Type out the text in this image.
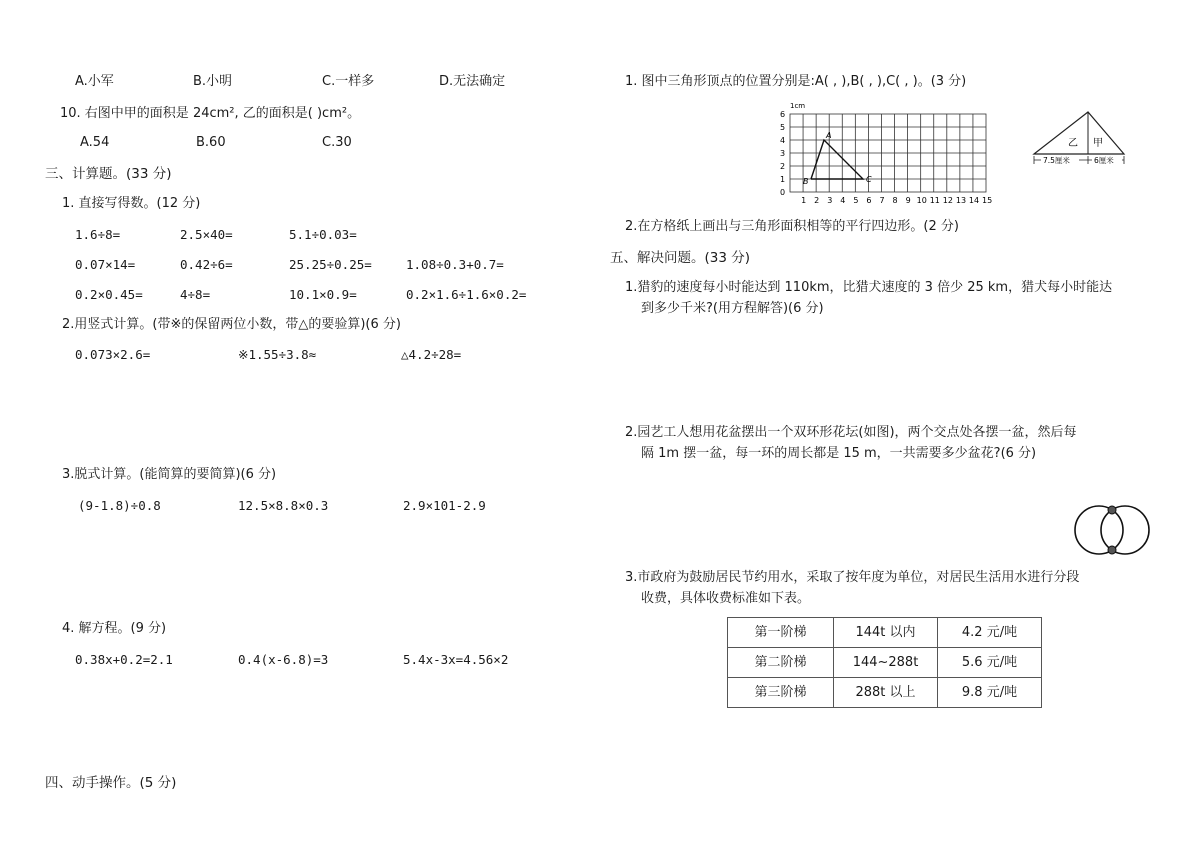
A.小军	B.小明	C.一样多	D.无法确定
10. 右图中甲的面积是 24cm², 乙的面积是( )cm²。
A.54	B.60	C.30
三、计算题。(33 分)
1. 直接写得数。(12 分)
1.6÷8=	2.5×40=	5.1÷0.03=
0.07×14=	0.42÷6=	25.25÷0.25=	1.08÷0.3+0.7=
0.2×0.45=	4÷8=	10.1×0.9=	0.2×1.6÷1.6×0.2=
2.用竖式计算。(带※的保留两位小数，带△的要验算)(6 分)
0.073×2.6=	※1.55÷3.8≈	△4.2÷28=
3.脱式计算。(能简算的要简算)(6 分)
(9-1.8)÷0.8	12.5×8.8×0.3	2.9×101-2.9
4. 解方程。(9 分)
0.38x+0.2=2.1	0.4(x-6.8)=3	5.4x-3x=4.56×2
四、动手操作。(5 分)
1. 图中三角形顶点的位置分别是:A( , ),B( , ),C( , )。(3 分)
1cm
A
B	C
0
1
2
3
4
5
6
1 2 3 4 5 6 7 8 9 10 11 12 13 14 15
乙 甲
7.5厘米	6厘米
2.在方格纸上画出与三角形面积相等的平行四边形。(2 分)
五、解决问题。(33 分)
1.猎豹的速度每小时能达到 110km，比猎犬速度的 3 倍少 25 km，猎犬每小时能达
到多少千米?(用方程解答)(6 分)
2.园艺工人想用花盆摆出一个双环形花坛(如图)，两个交点处各摆一盆，然后每
隔 1m 摆一盆，每一环的周长都是 15 m，一共需要多少盆花?(6 分)
3.市政府为鼓励居民节约用水，采取了按年度为单位，对居民生活用水进行分段
收费，具体收费标准如下表。
第一阶梯	144t 以内	4.2 元/吨
第二阶梯	144~288t	5.6 元/吨
第三阶梯	288t 以上	9.8 元/吨
